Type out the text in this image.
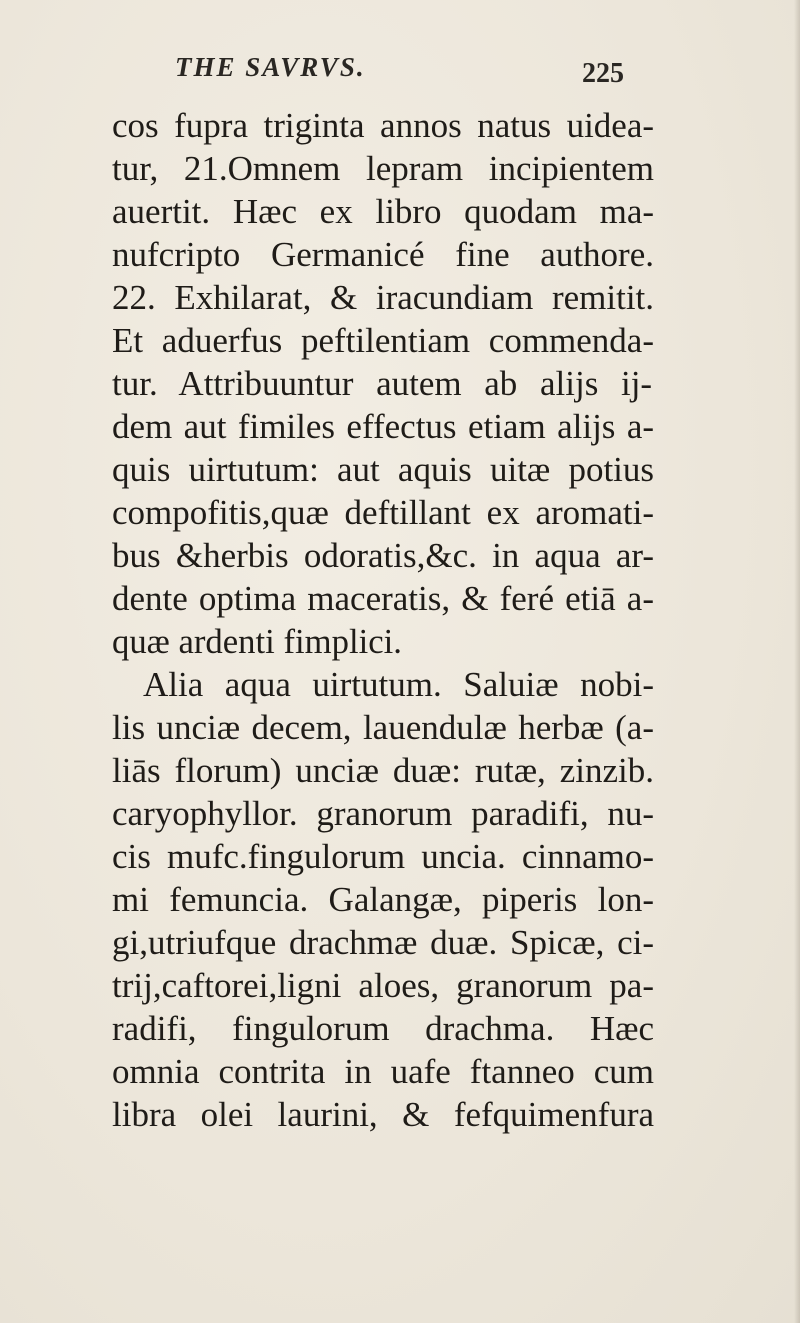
THE SAVRVS.	225
cos fupra triginta annos natus uidea-
tur, 21.Omnem lepram incipientem
auertit. Hæc ex libro quodam ma-
nufcripto Germanicé fine authore.
22. Exhilarat, & iracundiam remitit.
Et aduerfus peftilentiam commenda-
tur. Attribuuntur autem ab alijs ij-
dem aut fimiles effectus etiam alijs a-
quis uirtutum: aut aquis uitæ potius
compofitis,quæ deftillant ex aromati-
bus &herbis odoratis,&c. in aqua ar-
dente optima maceratis, & feré etiā a-
quæ ardenti fimplici.
Alia aqua uirtutum. Saluiæ nobi-
lis unciæ decem, lauendulæ herbæ (a-
liās florum) unciæ duæ: rutæ, zinzib.
caryophyllor. granorum paradifi, nu-
cis mufc.fingulorum uncia. cinnamo-
mi femuncia. Galangæ, piperis lon-
gi,utriufque drachmæ duæ. Spicæ, ci-
trij,caftorei,ligni aloes, granorum pa-
radifi, fingulorum drachma. Hæc
omnia contrita in uafe ftanneo cum
libra olei laurini, & fefquimenfura
